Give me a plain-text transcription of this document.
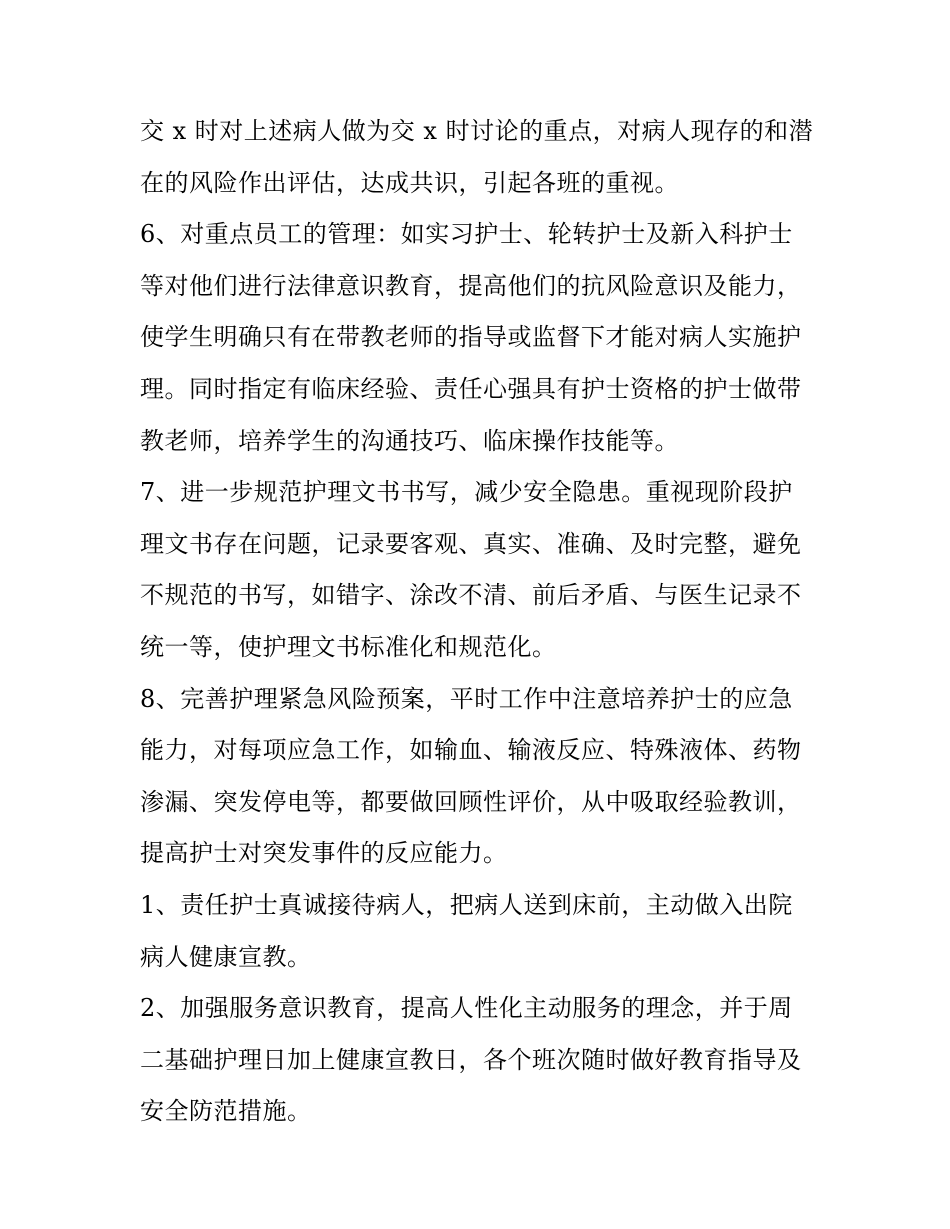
交 x 时对上述病人做为交 x 时讨论的重点，对病人现存的和潜
在的风险作出评估，达成共识，引起各班的重视。
6、对重点员工的管理：如实习护士、轮转护士及新入科护士
等对他们进行法律意识教育，提高他们的抗风险意识及能力，
使学生明确只有在带教老师的指导或监督下才能对病人实施护
理。同时指定有临床经验、责任心强具有护士资格的护士做带
教老师，培养学生的沟通技巧、临床操作技能等。
7、进一步规范护理文书书写，减少安全隐患。重视现阶段护
理文书存在问题，记录要客观、真实、准确、及时完整，避免
不规范的书写，如错字、涂改不清、前后矛盾、与医生记录不
统一等，使护理文书标准化和规范化。
8、完善护理紧急风险预案，平时工作中注意培养护士的应急
能力，对每项应急工作，如输血、输液反应、特殊液体、药物
渗漏、突发停电等，都要做回顾性评价，从中吸取经验教训，
提高护士对突发事件的反应能力。
1、责任护士真诚接待病人，把病人送到床前，主动做入出院
病人健康宣教。
2、加强服务意识教育，提高人性化主动服务的理念，并于周
二基础护理日加上健康宣教日，各个班次随时做好教育指导及
安全防范措施。
